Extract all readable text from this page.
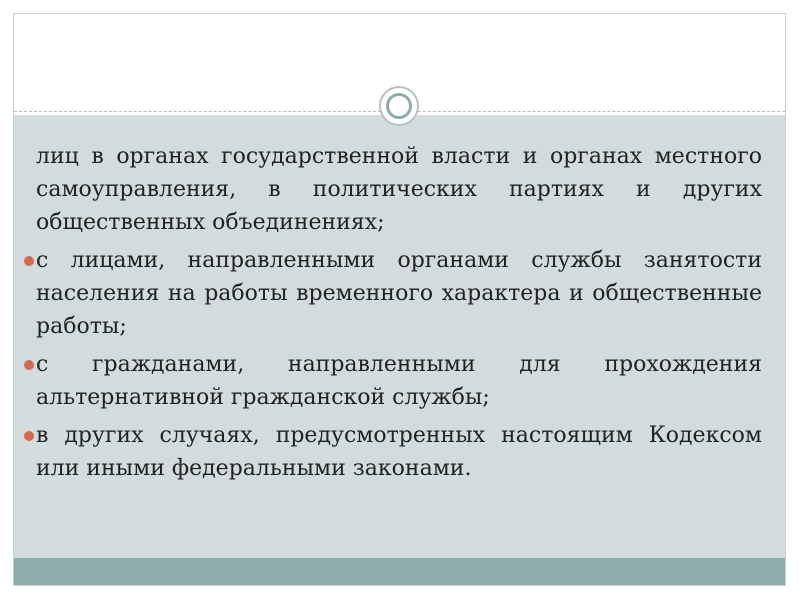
лиц в органах государственной власти и органах местного самоуправления, в политических партиях и других общественных объединениях;

с лицами, направленными органами службы занятости населения на работы временного характера и общественные работы;
с гражданами, направленными для прохождения альтернативной гражданской службы;
в других случаях, предусмотренных настоящим Кодексом или иными федеральными законами.
